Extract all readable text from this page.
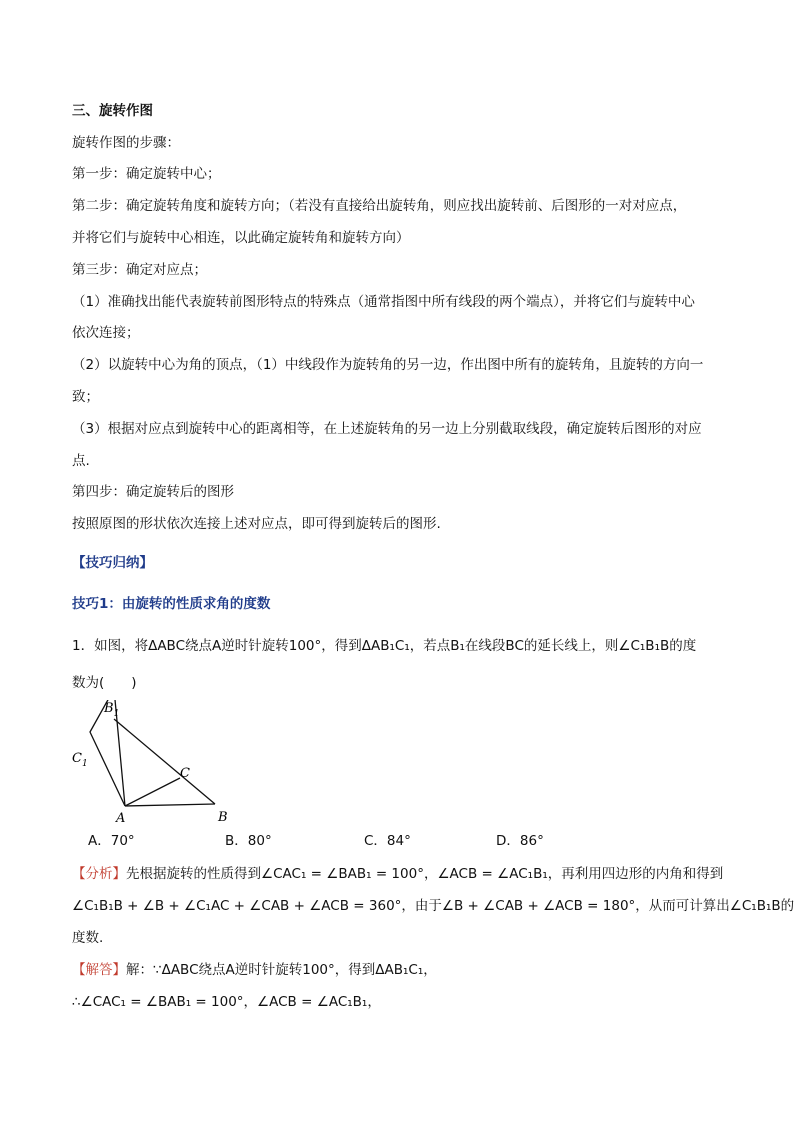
三、旋转作图
旋转作图的步骤：
第一步：确定旋转中心；
第二步：确定旋转角度和旋转方向；（若没有直接给出旋转角，则应找出旋转前、后图形的一对对应点，
并将它们与旋转中心相连，以此确定旋转角和旋转方向）
第三步：确定对应点；
（1）准确找出能代表旋转前图形特点的特殊点（通常指图中所有线段的两个端点），并将它们与旋转中心
依次连接；
（2）以旋转中心为角的顶点，（1）中线段作为旋转角的另一边，作出图中所有的旋转角，且旋转的方向一
致；
（3）根据对应点到旋转中心的距离相等，在上述旋转角的另一边上分别截取线段，确定旋转后图形的对应
点.
第四步：确定旋转后的图形
按照原图的形状依次连接上述对应点，即可得到旋转后的图形.
【技巧归纳】
技巧1：由旋转的性质求角的度数
1．如图，将ΔABC绕点A逆时针旋转100°，得到ΔAB₁C₁，若点B₁在线段BC的延长线上，则∠C₁B₁B的度
数为(　　)
$B_1$
$C_1$
C
A	B
A．70°	B．80°	C．84°	D．86°
【分析】先根据旋转的性质得到∠CAC₁ = ∠BAB₁ = 100°，∠ACB = ∠AC₁B₁，再利用四边形的内角和得到
∠C₁B₁B + ∠B + ∠C₁AC + ∠CAB + ∠ACB = 360°，由于∠B + ∠CAB + ∠ACB = 180°，从而可计算出∠C₁B₁B的
度数.
【解答】解：∵ΔABC绕点A逆时针旋转100°，得到ΔAB₁C₁，
∴∠CAC₁ = ∠BAB₁ = 100°，∠ACB = ∠AC₁B₁，
